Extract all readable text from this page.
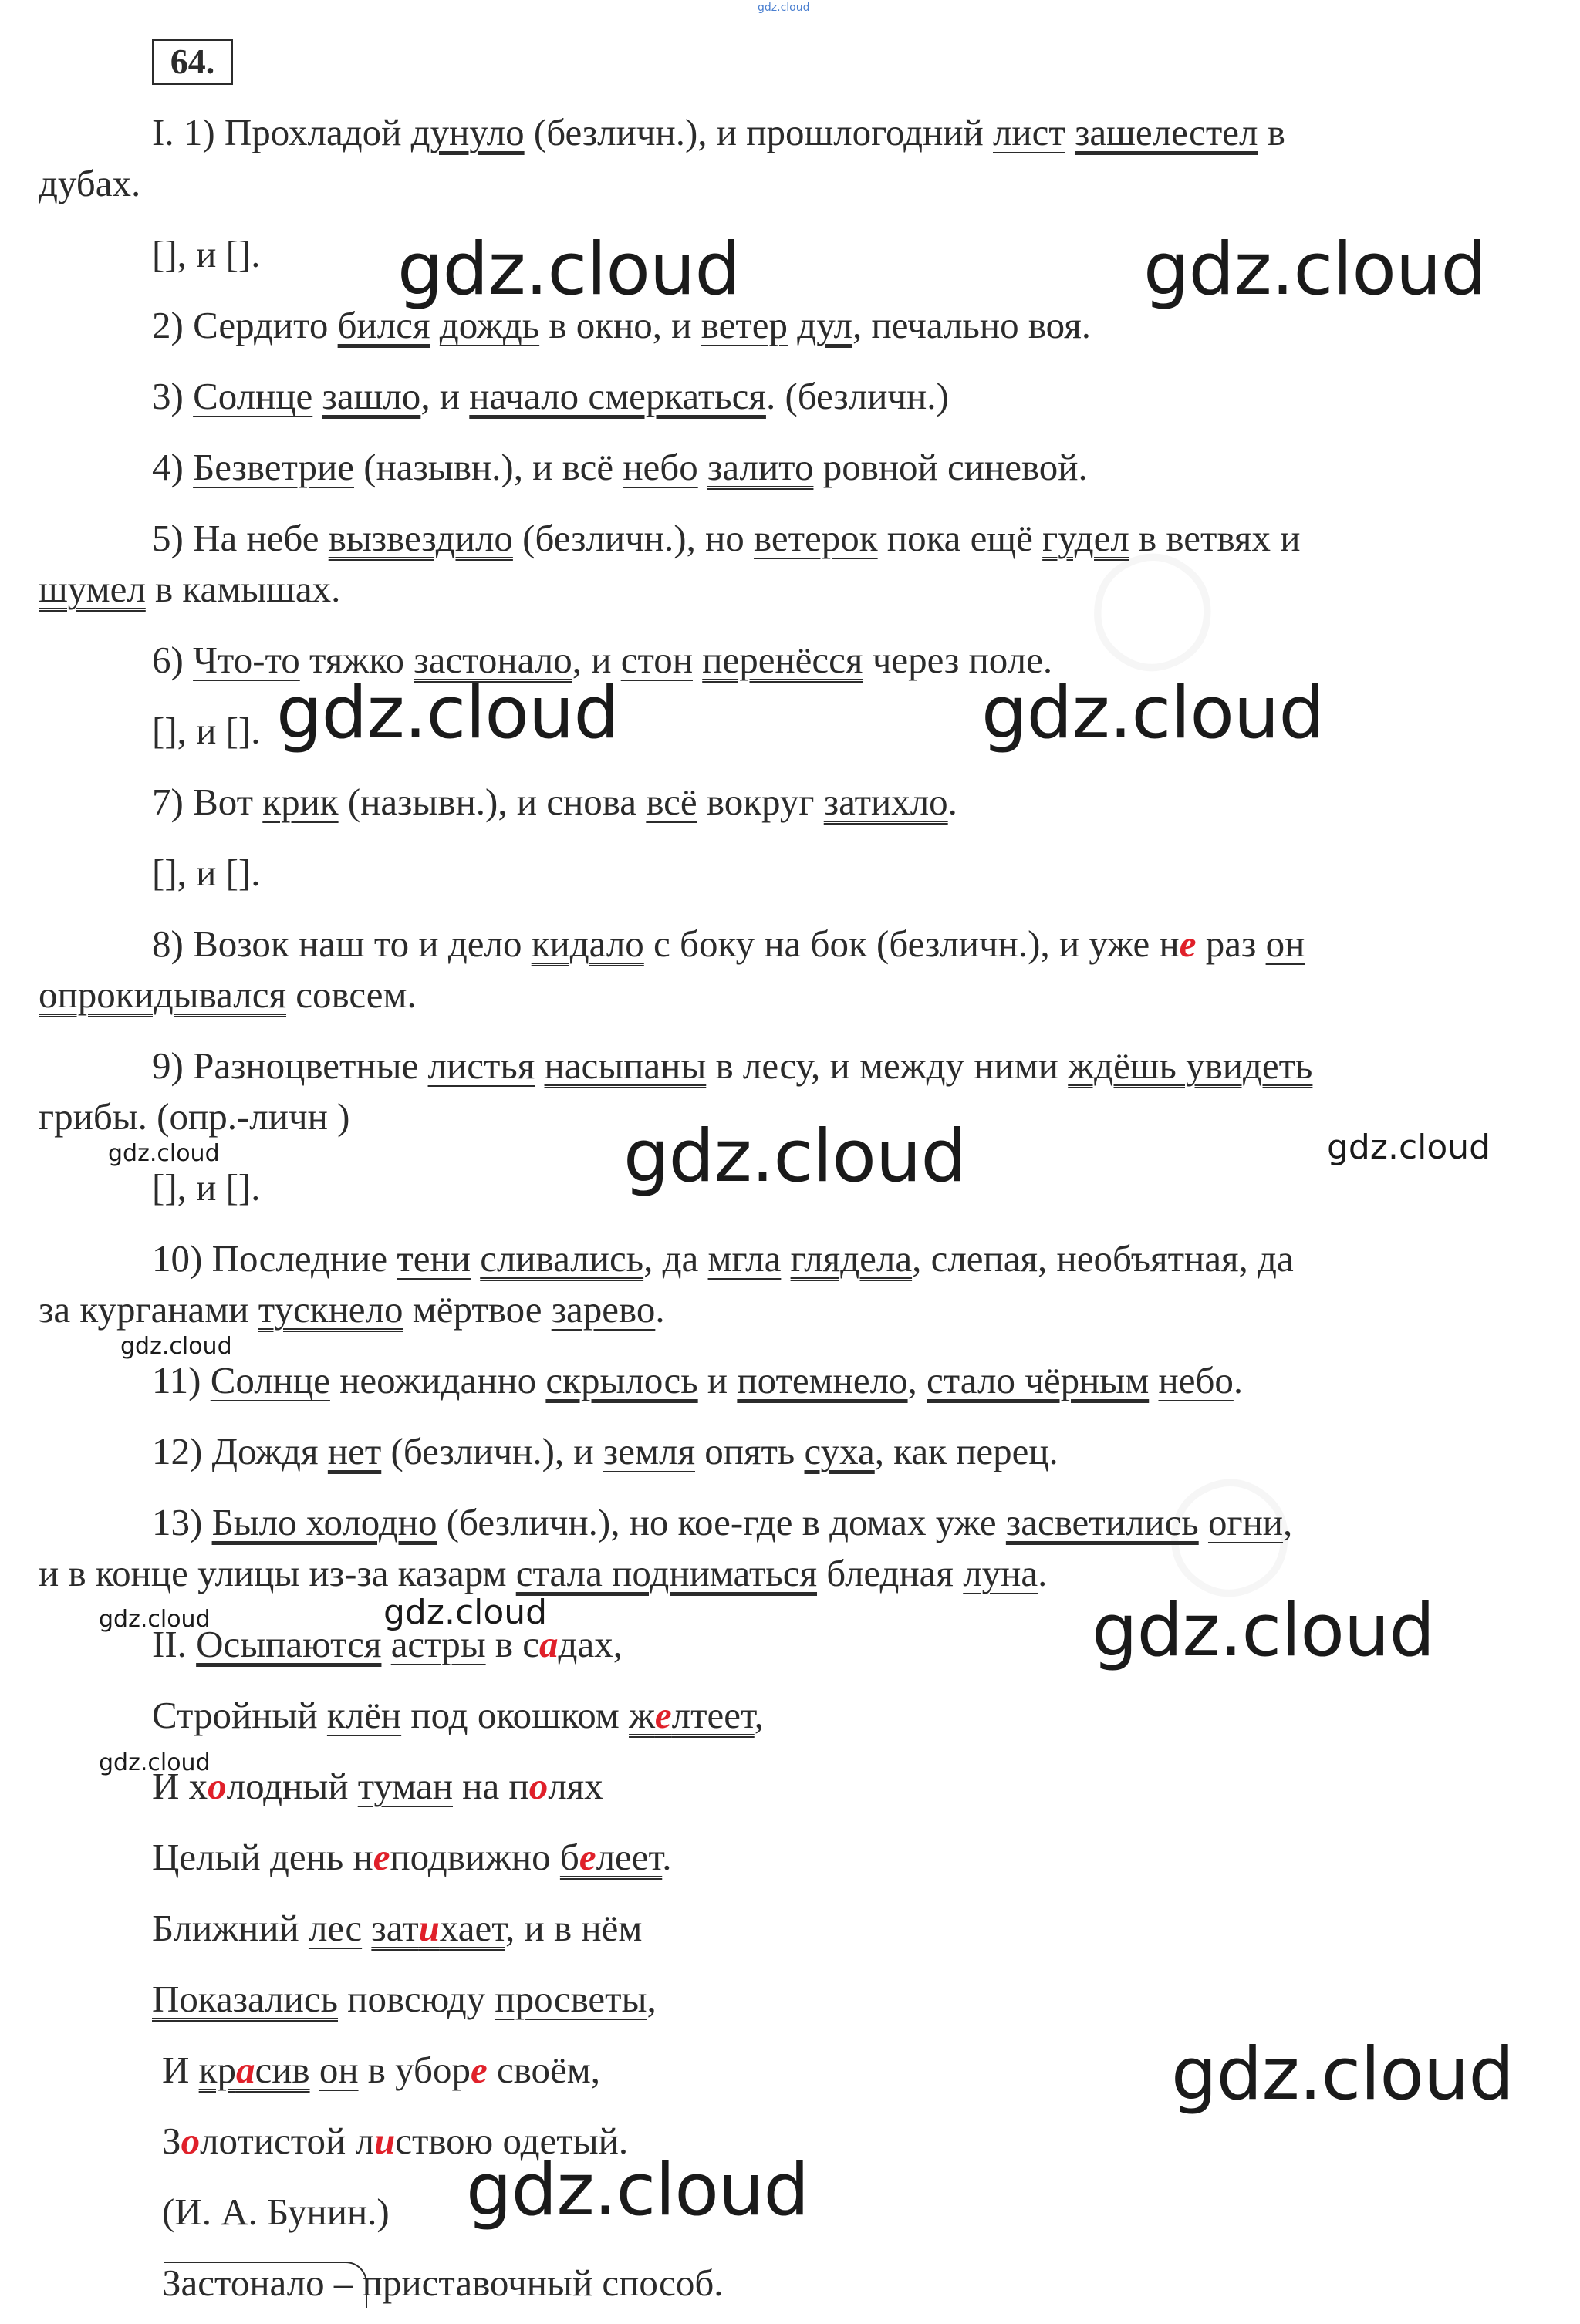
gdz.cloud
64.
I. 1) Прохладой дунуло (безличн.), и прошлогодний лист зашелестел в
дубах.
[], и [].
2) Сердито бился дождь в окно, и ветер дул, печально воя.
3) Солнце зашло, и начало смеркаться. (безличн.)
4) Безветрие (назывн.), и всё небо залито ровной синевой.
5) На небе вызвездило (безличн.), но ветерок пока ещё гудел в ветвях и
шумел в камышах.
6) Что-то тяжко застонало, и стон перенёсся через поле.
[], и [].
7) Вот крик (назывн.), и снова всё вокруг затихло.
[], и [].
8) Возок наш то и дело кидало с боку на бок (безличн.), и уже не раз он
опрокидывался совсем.
9) Разноцветные листья насыпаны в лесу, и между ними ждёшь увидеть
грибы. (опр.-личн )
[], и [].
10) Последние тени сливались, да мгла глядела, слепая, необъятная, да
за курганами тускнело мёртвое зарево.
11) Солнце неожиданно скрылось и потемнело, стало чёрным небо.
12) Дождя нет (безличн.), и земля опять суха, как перец.
13) Было холодно (безличн.), но кое-где в домах уже засветились огни,
и в конце улицы из-за казарм стала подниматься бледная луна.
II. Осыпаются астры в садах,
Стройный клён под окошком желтеет,
И холодный туман на полях
Целый день неподвижно белеет.
Ближний лес затихает, и в нём
Показались повсюду просветы,
И красив он в уборе своём,
Золотистой листвою одетый.
(И. А. Бунин.)
Застонало – приставочный способ.
gdz.cloud	gdz.cloud
gdz.cloud	gdz.cloud
gdz.cloud	gdz.cloud	gdz.cloud
gdz.cloud
gdz.cloud	gdz.cloud	gdz.cloud
gdz.cloud
gdz.cloud
gdz.cloud
